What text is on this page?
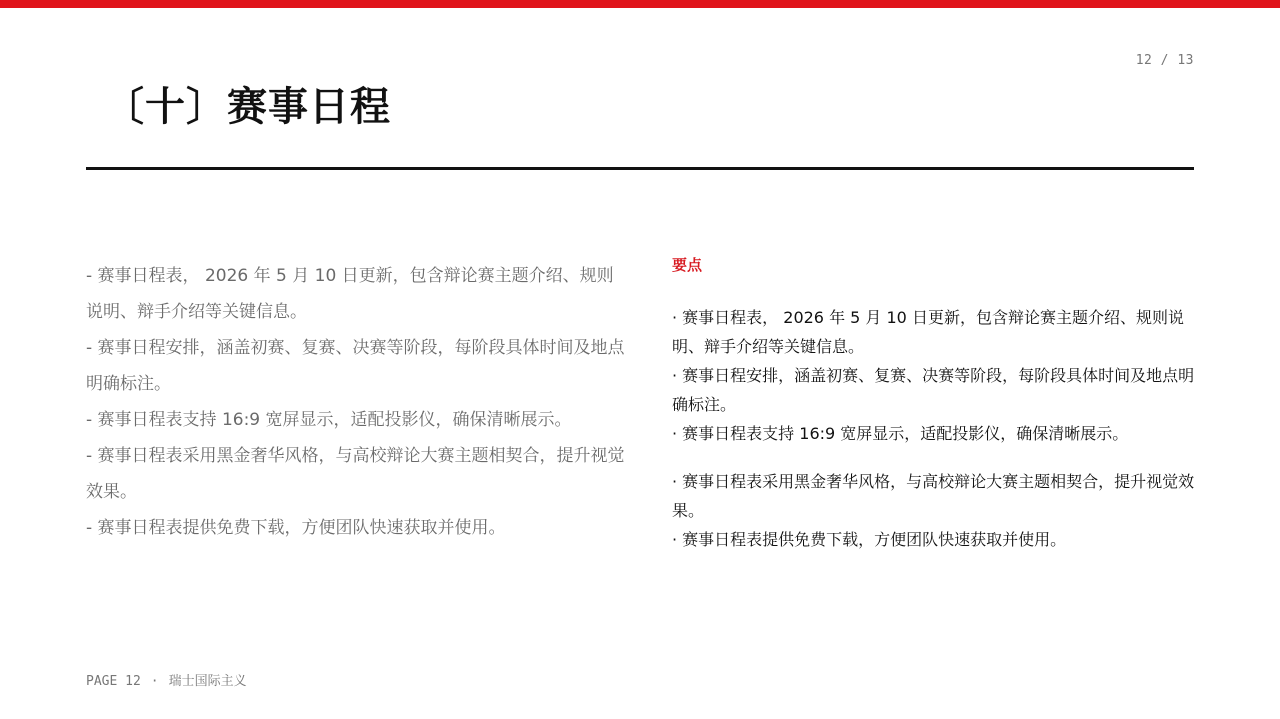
12 / 13
〔十〕赛事日程
- 赛事日程表， 2026 年 5 月 10 日更新，包含辩论赛主题介绍、规则说明、辩手介绍等关键信息。
- 赛事日程安排，涵盖初赛、复赛、决赛等阶段，每阶段具体时间及地点明确标注。
- 赛事日程表支持 16:9 宽屏显示，适配投影仪，确保清晰展示。
- 赛事日程表采用黑金奢华风格，与高校辩论大赛主题相契合，提升视觉效果。
- 赛事日程表提供免费下载，方便团队快速获取并使用。
要点
· 赛事日程表， 2026 年 5 月 10 日更新，包含辩论赛主题介绍、规则说明、辩手介绍等关键信息。
· 赛事日程安排，涵盖初赛、复赛、决赛等阶段，每阶段具体时间及地点明确标注。
· 赛事日程表支持 16:9 宽屏显示，适配投影仪，确保清晰展示。
· 赛事日程表采用黑金奢华风格，与高校辩论大赛主题相契合，提升视觉效果。
· 赛事日程表提供免费下载，方便团队快速获取并使用。
PAGE 12 · 瑞士国际主义
